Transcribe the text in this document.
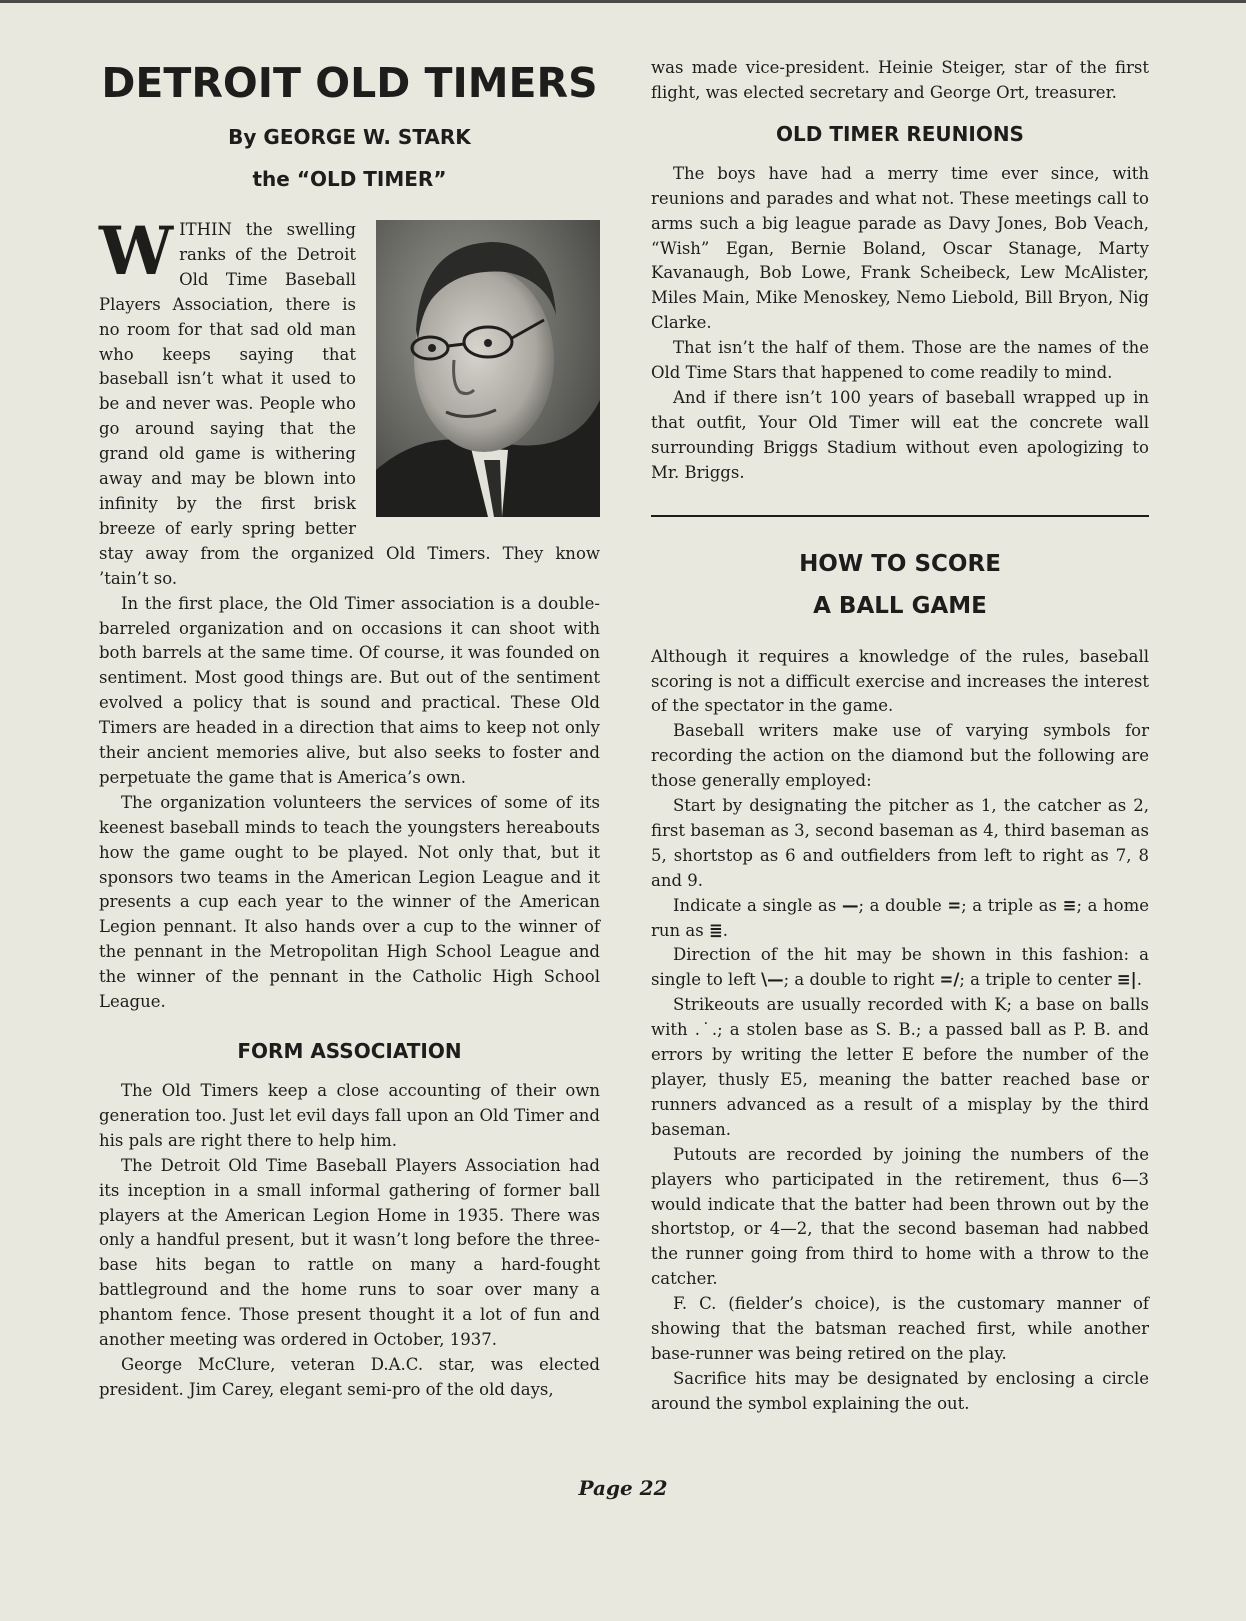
DETROIT OLD TIMERS
By GEORGE W. STARK
the “OLD TIMER”
W ITHIN the swelling ranks of the Detroit Old Time Baseball Players Association, there is no room for that sad old man who keeps saying that baseball isn’t what it used to be and never was. People who go around saying that the grand old game is withering away and may be blown into infinity by the first brisk breeze of early spring better stay away from the organized Old Timers. They know ’tain’t so.

In the first place, the Old Timer association is a double-barreled organization and on occasions it can shoot with both barrels at the same time. Of course, it was founded on sentiment. Most good things are. But out of the sentiment evolved a policy that is sound and practical. These Old Timers are headed in a direction that aims to keep not only their ancient memories alive, but also seeks to foster and perpetuate the game that is America’s own.

The organization volunteers the services of some of its keenest baseball minds to teach the youngsters hereabouts how the game ought to be played. Not only that, but it sponsors two teams in the American Legion League and it presents a cup each year to the winner of the American Legion pennant. It also hands over a cup to the winner of the pennant in the Metropolitan High School League and the winner of the pennant in the Catholic High School League.

FORM ASSOCIATION

The Old Timers keep a close accounting of their own generation too. Just let evil days fall upon an Old Timer and his pals are right there to help him.

The Detroit Old Time Baseball Players Association had its inception in a small informal gathering of former ball players at the American Legion Home in 1935. There was only a handful present, but it wasn’t long before the three-base hits began to rattle on many a hard-fought battleground and the home runs to soar over many a phantom fence. Those present thought it a lot of fun and another meeting was ordered in October, 1937.

George McClure, veteran D.A.C. star, was elected president. Jim Carey, elegant semi-pro of the old days,

was made vice-president. Heinie Steiger, star of the first flight, was elected secretary and George Ort, treasurer.

OLD TIMER REUNIONS

The boys have had a merry time ever since, with reunions and parades and what not. These meetings call to arms such a big league parade as Davy Jones, Bob Veach, “Wish” Egan, Bernie Boland, Oscar Stanage, Marty Kavanaugh, Bob Lowe, Frank Scheibeck, Lew McAlister, Miles Main, Mike Menoskey, Nemo Liebold, Bill Bryon, Nig Clarke.

That isn’t the half of them. Those are the names of the Old Time Stars that happened to come readily to mind.

And if there isn’t 100 years of baseball wrapped up in that outfit, Your Old Timer will eat the concrete wall surrounding Briggs Stadium without even apologizing to Mr. Briggs.

HOW TO SCORE
A BALL GAME

Although it requires a knowledge of the rules, baseball scoring is not a difficult exercise and increases the interest of the spectator in the game.

Baseball writers make use of varying symbols for recording the action on the diamond but the following are those generally employed:

Start by designating the pitcher as 1, the catcher as 2, first baseman as 3, second baseman as 4, third baseman as 5, shortstop as 6 and outfielders from left to right as 7, 8 and 9.

Indicate a single as —; a double =; a triple as ≡; a home run as ≣.

Direction of the hit may be shown in this fashion: a single to left \—; a double to right =/; a triple to center ≡|.

Strikeouts are usually recorded with K; a base on balls with .˙.; a stolen base as S. B.; a passed ball as P. B. and errors by writing the letter E before the number of the player, thusly E5, meaning the batter reached base or runners advanced as a result of a misplay by the third baseman.

Putouts are recorded by joining the numbers of the players who participated in the retirement, thus 6—3 would indicate that the batter had been thrown out by the shortstop, or 4—2, that the second baseman had nabbed the runner going from third to home with a throw to the catcher.

F. C. (fielder’s choice), is the customary manner of showing that the batsman reached first, while another base-runner was being retired on the play.

Sacrifice hits may be designated by enclosing a circle around the symbol explaining the out.

Page 22
